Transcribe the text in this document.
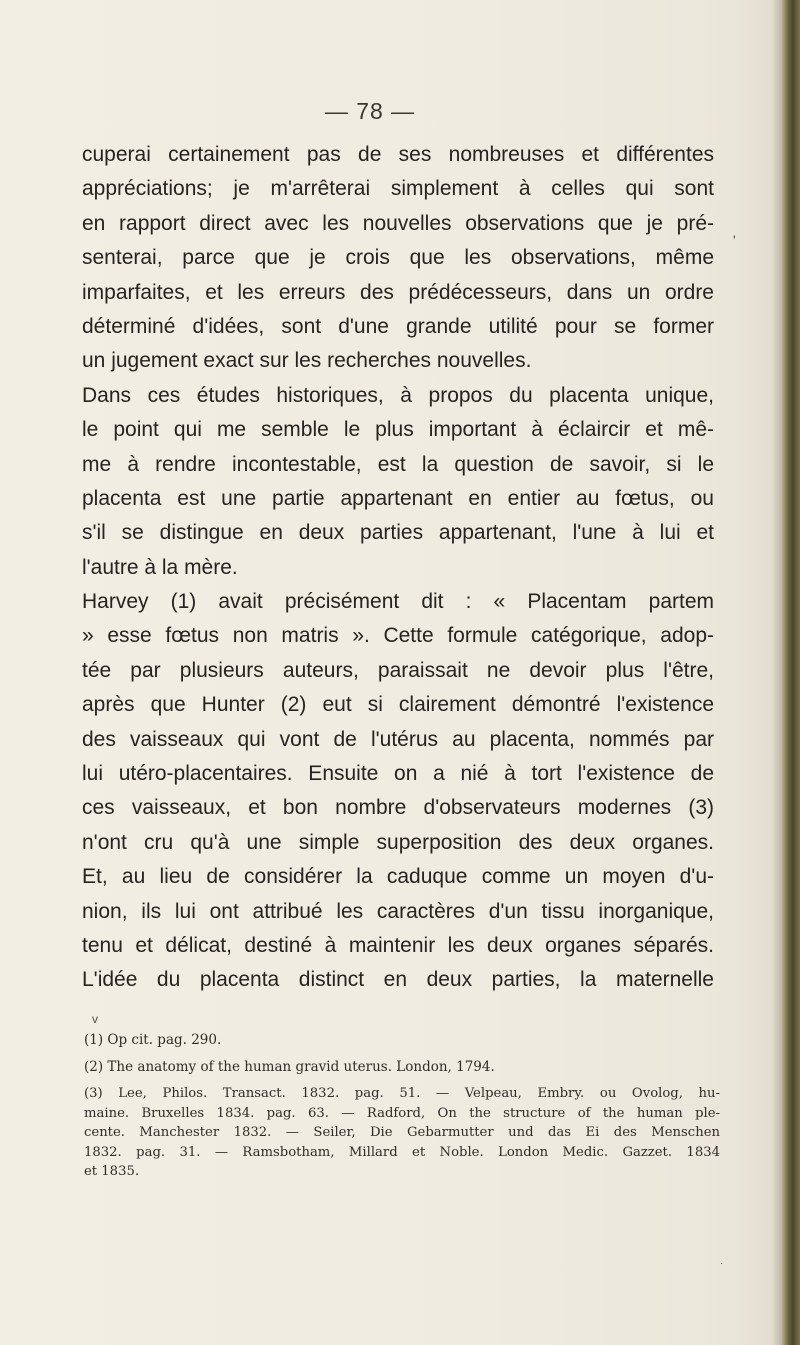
— 78 —
cuperai certainement pas de ses nombreuses et différentes
appréciations; je m'arrêterai simplement à celles qui sont
en rapport direct avec les nouvelles observations que je pré-
senterai, parce que je crois que les observations, même
imparfaites, et les erreurs des prédécesseurs, dans un ordre
déterminé d'idées, sont d'une grande utilité pour se former
un jugement exact sur les recherches nouvelles.
Dans ces études historiques, à propos du placenta unique,
le point qui me semble le plus important à éclaircir et mê-
me à rendre incontestable, est la question de savoir, si le
placenta est une partie appartenant en entier au fœtus, ou
s'il se distingue en deux parties appartenant, l'une à lui et
l'autre à la mère.
Harvey (1) avait précisément dit : « Placentam partem
» esse fœtus non matris ». Cette formule catégorique, adop-
tée par plusieurs auteurs, paraissait ne devoir plus l'être,
après que Hunter (2) eut si clairement démontré l'existence
des vaisseaux qui vont de l'utérus au placenta, nommés par
lui utéro-placentaires. Ensuite on a nié à tort l'existence de
ces vaisseaux, et bon nombre d'observateurs modernes (3)
n'ont cru qu'à une simple superposition des deux organes.
Et, au lieu de considérer la caduque comme un moyen d'u-
nion, ils lui ont attribué les caractères d'un tissu inorganique,
tenu et délicat, destiné à maintenir les deux organes séparés.
L'idée du placenta distinct en deux parties, la maternelle
'
v
(1) Op cit. pag. 290.
(2) The anatomy of the human gravid uterus. London, 1794.
(3) Lee, Philos. Transact. 1832. pag. 51. — Velpeau, Embry. ou Ovolog, hu-
maine. Bruxelles 1834. pag. 63. — Radford, On the structure of the human ple-
cente. Manchester 1832. — Seiler, Die Gebarmutter und das Ei des Menschen
1832. pag. 31. — Ramsbotham, Millard et Noble. London Medic. Gazzet. 1834
et 1835.
·
